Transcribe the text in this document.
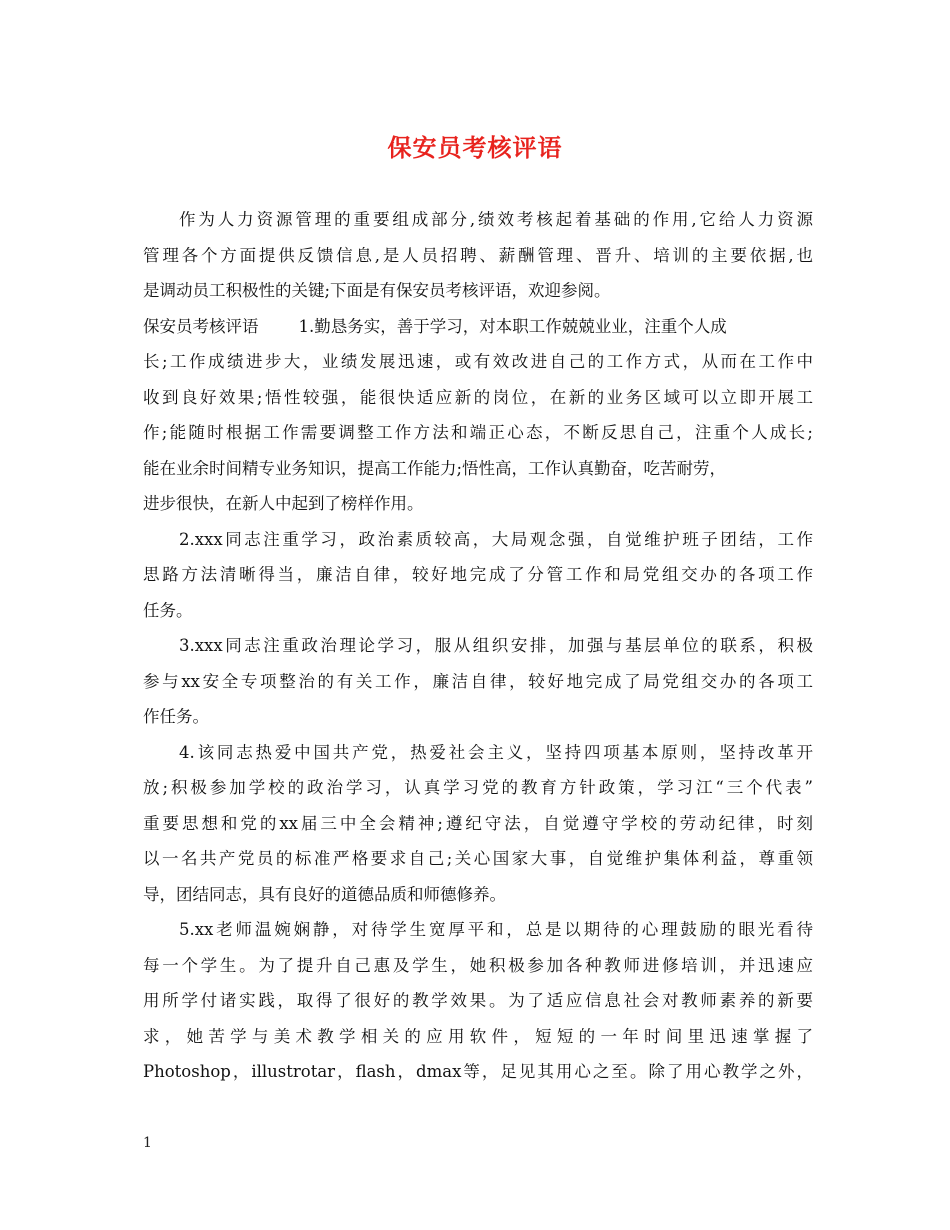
保安员考核评语
作为人力资源管理的重要组成部分,绩效考核起着基础的作用,它给人力资源
管理各个方面提供反馈信息,是人员招聘、薪酬管理、晋升、培训的主要依据,也
是调动员工积极性的关键;下面是有保安员考核评语，欢迎参阅。
保安员考核评语 1.勤恳务实，善于学习，对本职工作兢兢业业，注重个人成
长;工作成绩进步大，业绩发展迅速，或有效改进自己的工作方式，从而在工作中
收到良好效果;悟性较强，能很快适应新的岗位，在新的业务区域可以立即开展工
作;能随时根据工作需要调整工作方法和端正心态，不断反思自己，注重个人成长;
能在业余时间精专业务知识，提高工作能力;悟性高，工作认真勤奋，吃苦耐劳，
进步很快，在新人中起到了榜样作用。
2.xxx同志注重学习，政治素质较高，大局观念强，自觉维护班子团结，工作
思路方法清晰得当，廉洁自律，较好地完成了分管工作和局党组交办的各项工作
任务。
3.xxx同志注重政治理论学习，服从组织安排，加强与基层单位的联系，积极
参与xx安全专项整治的有关工作，廉洁自律，较好地完成了局党组交办的各项工
作任务。
4.该同志热爱中国共产党，热爱社会主义，坚持四项基本原则，坚持改革开
放;积极参加学校的政治学习，认真学习党的教育方针政策，学习江“三个代表”
重要思想和党的xx届三中全会精神;遵纪守法，自觉遵守学校的劳动纪律，时刻
以一名共产党员的标准严格要求自己;关心国家大事，自觉维护集体利益，尊重领
导，团结同志，具有良好的道德品质和师德修养。
5.xx老师温婉娴静，对待学生宽厚平和，总是以期待的心理鼓励的眼光看待
每一个学生。为了提升自己惠及学生，她积极参加各种教师进修培训，并迅速应
用所学付诸实践，取得了很好的教学效果。为了适应信息社会对教师素养的新要
求，她苦学与美术教学相关的应用软件，短短的一年时间里迅速掌握了
Photoshop，illustrotar，flash，dmax等，足见其用心之至。除了用心教学之外，
1
